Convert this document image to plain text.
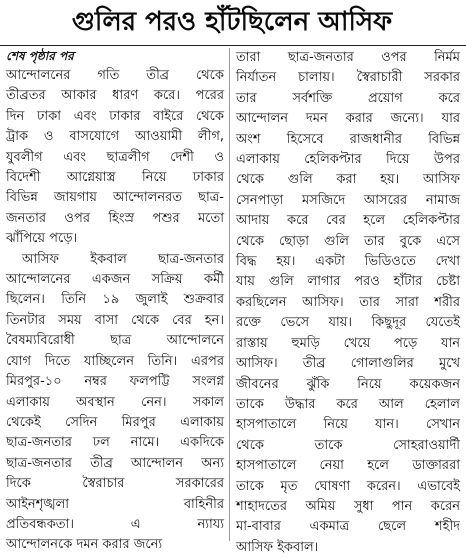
গুলির পরও হাঁটছিলেন আসিফ
শেষ পৃষ্ঠার পর
আন্দোলনের গতি তীব্র থেকে
তীব্রতর আকার ধারণ করে। পরের
দিন ঢাকা এবং ঢাকার বাইরে থেকে
ট্রাক ও বাসযোগে আওয়ামী লীগ,
যুবলীগ এবং ছাত্রলীগ দেশী ও
বিদেশী আগ্নেয়াস্ত্র নিয়ে ঢাকার
বিভিন্ন জায়গায় আন্দোলনরত ছাত্র-
জনতার ওপর হিংস্র পশুর মতো
ঝাঁপিয়ে পড়ে।
আসিফ ইকবাল ছাত্র-জনতার
আন্দোলনের একজন সক্রিয় কর্মী
ছিলেন। তিনি ১৯ জুলাই শুক্রবার
তিনটার সময় বাসা থেকে বের হন।
বৈষম্যবিরোধী ছাত্র আন্দোলনে
যোগ দিতে যাচ্ছিলেন তিনি। এরপর
মিরপুর-১০ নম্বর ফলপট্টি সংলগ্ন
এলাকায় অবস্থান নেন। সকাল
থেকেই সেদিন মিরপুর এলাকায়
ছাত্র-জনতার ঢল নামে। একদিকে
ছাত্র-জনতার তীব্র আন্দোলন অন্য
দিকে স্বৈরাচার সরকারের
আইনশৃঙ্খলা বাহিনীর
প্রতিবন্ধকতা। এ ন্যায্য
আন্দোলনকে দমন করার জন্যে
তারা ছাত্র-জনতার ওপর নির্মম
নির্যাতন চালায়। স্বৈরাচারী সরকার
তার সর্বশক্তি প্রয়োগ করে
আন্দোলন দমন করার জন্যে। যার
অংশ হিসেবে রাজধানীর বিভিন্ন
এলাকায় হেলিকপ্টার দিয়ে উপর
থেকে গুলি করা হয়। আসিফ
সেনপাড়া মসজিদে আসরের নামাজ
আদায় করে বের হলে হেলিকপ্টার
থেকে ছোড়া গুলি তার বুকে এসে
বিদ্ধ হয়। একটা ভিডিওতে দেখা
যায় গুলি লাগার পরও হাঁটার চেষ্টা
করছিলেন আসিফ। তার সারা শরীর
রক্তে ভেসে যায়। কিছুদূর যেতেই
রাস্তায় হুমড়ি খেয়ে পড়ে যান
আসিফ। তীব্র গোলাগুলির মুখে
জীবনের ঝুঁকি নিয়ে কয়েকজন
তাকে উদ্ধার করে আল হেলাল
হাসপাতালে নিয়ে যান। সেখান
থেকে তাকে সোহরাওয়ার্দী
হাসপাতালে নেয়া হলে ডাক্তাররা
তাকে মৃত ঘোষণা করেন। এভাবেই
শাহাদতের অমিয় সুধা পান করেন
মা-বাবার একমাত্র ছেলে শহীদ
আসিফ ইকবাল।
